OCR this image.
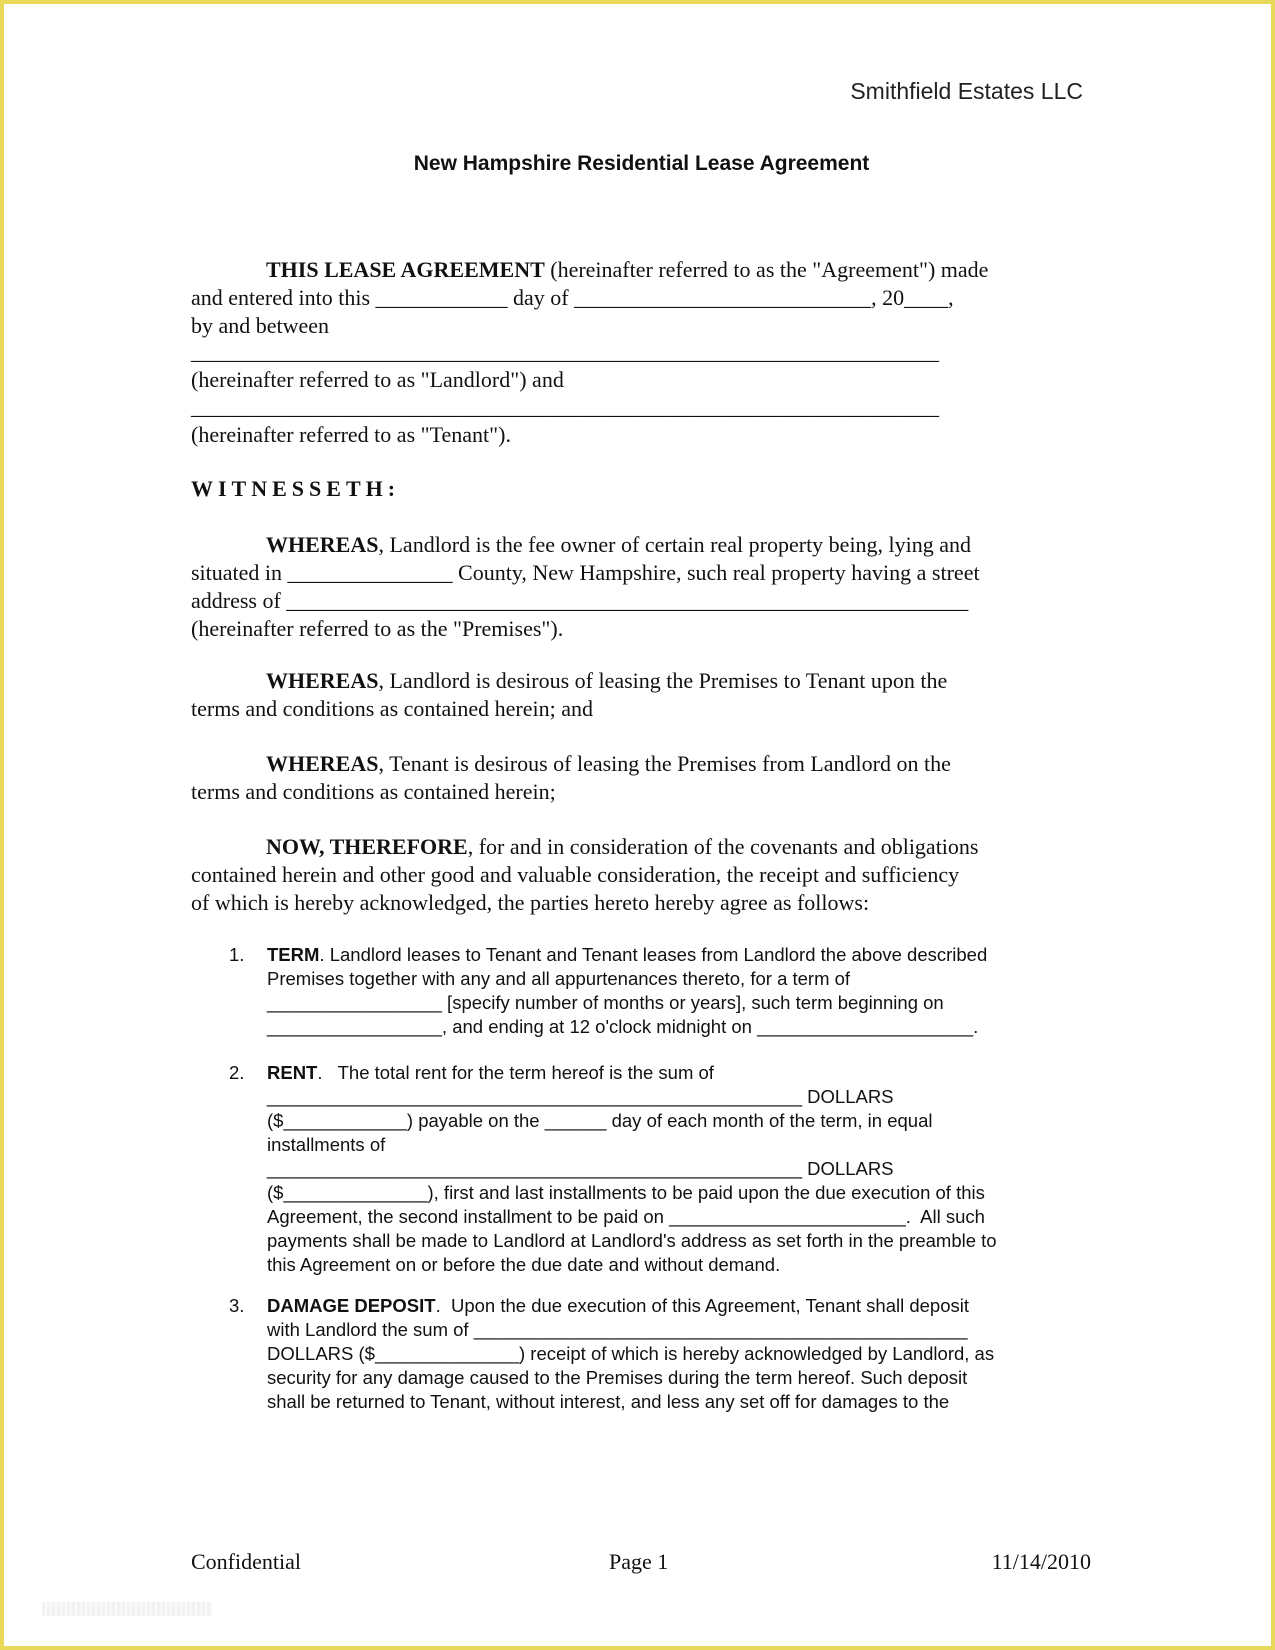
Smithfield Estates LLC
New Hampshire Residential Lease Agreement
THIS LEASE AGREEMENT (hereinafter referred to as the "Agreement") made
and entered into this ____________ day of ___________________________, 20____,
by and between
____________________________________________________________________
(hereinafter referred to as "Landlord") and
____________________________________________________________________
(hereinafter referred to as "Tenant").
WITNESSETH:
WHEREAS, Landlord is the fee owner of certain real property being, lying and
situated in _______________ County, New Hampshire, such real property having a street
address of ______________________________________________________________
(hereinafter referred to as the "Premises").
WHEREAS, Landlord is desirous of leasing the Premises to Tenant upon the
terms and conditions as contained herein; and
WHEREAS, Tenant is desirous of leasing the Premises from Landlord on the
terms and conditions as contained herein;
NOW, THEREFORE, for and in consideration of the covenants and obligations
contained herein and other good and valuable consideration, the receipt and sufficiency
of which is hereby acknowledged, the parties hereto hereby agree as follows:
1. TERM. Landlord leases to Tenant and Tenant leases from Landlord the above described
Premises together with any and all appurtenances thereto, for a term of
_________________ [specify number of months or years], such term beginning on
_________________, and ending at 12 o'clock midnight on _____________________.
2. RENT.   The total rent for the term hereof is the sum of
____________________________________________________ DOLLARS
($____________) payable on the ______ day of each month of the term, in equal
installments of
____________________________________________________ DOLLARS
($______________), first and last installments to be paid upon the due execution of this
Agreement, the second installment to be paid on _______________________.  All such
payments shall be made to Landlord at Landlord's address as set forth in the preamble to
this Agreement on or before the due date and without demand.
3. DAMAGE DEPOSIT.  Upon the due execution of this Agreement, Tenant shall deposit
with Landlord the sum of ________________________________________________
DOLLARS ($______________) receipt of which is hereby acknowledged by Landlord, as
security for any damage caused to the Premises during the term hereof. Such deposit
shall be returned to Tenant, without interest, and less any set off for damages to the
Confidential	Page 1	11/14/2010
